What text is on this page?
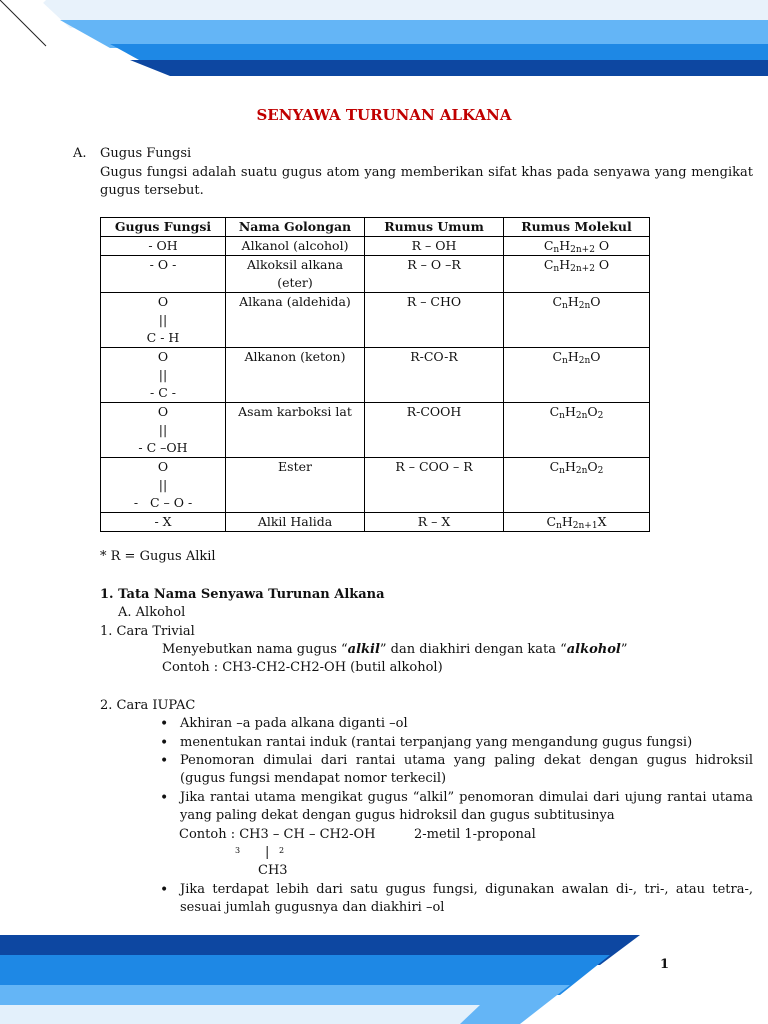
SENYAWA TURUNAN ALKANA
A. Gugus Fungsi
Gugus fungsi adalah suatu gugus atom yang memberikan sifat khas pada senyawa yang mengikat gugus tersebut.
Gugus Fungsi	Nama Golongan	Rumus Umum	Rumus Molekul

- OH	Alkanol (alcohol)	R – OH	$C_nH_{2n+2}$ O

- O -	Alkoksil alkana (eter)	R – O –R	$C_nH_{2n+2}$ O

O
||
C - H	Alkana (aldehida)	R – CHO	$C_nH_{2n}O$

O
||
- C -	Alkanon (keton)	R-CO-R	$C_nH_{2n}O$

O
||
- C –OH	Asam karboksi lat	R-COOH	$C_nH_{2n}O_2$

O
||
-   C – O -	Ester	R – COO – R	$C_nH_{2n}O_2$

- X	Alkil Halida	R – X	$C_nH_{2n+1}X$
* R = Gugus Alkil
1. Tata Nama Senyawa Turunan Alkana
A. Alkohol
1. Cara Trivial
Menyebutkan nama gugus “alkil” dan diakhiri dengan kata “alkohol”
Contoh : CH3-CH2-CH2-OH (butil alkohol)
2. Cara IUPAC
• Akhiran –a pada alkana diganti –ol
• menentukan rantai induk (rantai terpanjang yang mengandung gugus fungsi)
• Penomoran dimulai dari rantai utama yang paling dekat dengan gugus hidroksil (gugus fungsi mendapat nomor terkecil)
• Jika rantai utama mengikat gugus “alkil” penomoran dimulai dari ujung rantai utama yang paling dekat dengan gugus hidroksil dan gugus subtitusinya
Contoh : CH3 – CH – CH2-OH	2-metil 1-proponal
3 | 2
CH3
• Jika terdapat lebih dari satu gugus fungsi, digunakan awalan di-, tri-, atau tetra-, sesuai jumlah gugusnya dan diakhiri –ol
1
